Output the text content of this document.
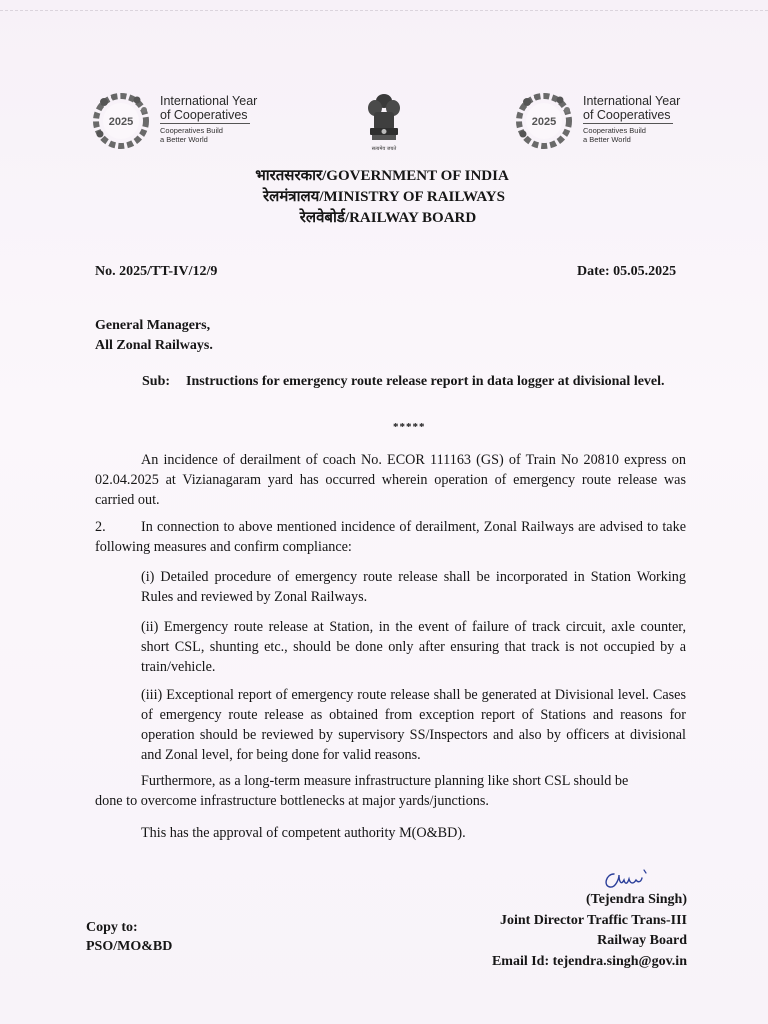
2025
International Year
of Cooperatives
Cooperatives Build
a Better World
सत्यमेव जयते
2025
International Year
of Cooperatives
Cooperatives Build
a Better World
भारतसरकार/GOVERNMENT OF INDIA
रेलमंत्रालय/MINISTRY OF RAILWAYS
रेलवेबोर्ड/RAILWAY BOARD
No. 2025/TT-IV/12/9	Date: 05.05.2025
General Managers,
All Zonal Railways.
Sub: Instructions for emergency route release report in data logger at divisional level.
*****
An incidence of derailment of coach No. ECOR 111163 (GS) of Train No 20810 express on 02.04.2025 at Vizianagaram yard has occurred wherein operation of emergency route release was carried out.
2. In connection to above mentioned incidence of derailment, Zonal Railways are advised to take following measures and confirm compliance:
(i) Detailed procedure of emergency route release shall be incorporated in Station Working Rules and reviewed by Zonal Railways.
(ii) Emergency route release at Station, in the event of failure of track circuit, axle counter, short CSL, shunting etc., should be done only after ensuring that track is not occupied by a train/vehicle.
(iii) Exceptional report of emergency route release shall be generated at Divisional level. Cases of emergency route release as obtained from exception report of Stations and reasons for operation should be reviewed by supervisory SS/Inspectors and also by officers at divisional and Zonal level, for being done for valid reasons.
Furthermore, as a long-term measure infrastructure planning like short CSL should be
done to overcome infrastructure bottlenecks at major yards/junctions.
This has the approval of competent authority M(O&BD).
(Tejendra Singh)
Joint Director Traffic Trans-III
Railway Board
Email Id: tejendra.singh@gov.in
Copy to:
PSO/MO&BD
